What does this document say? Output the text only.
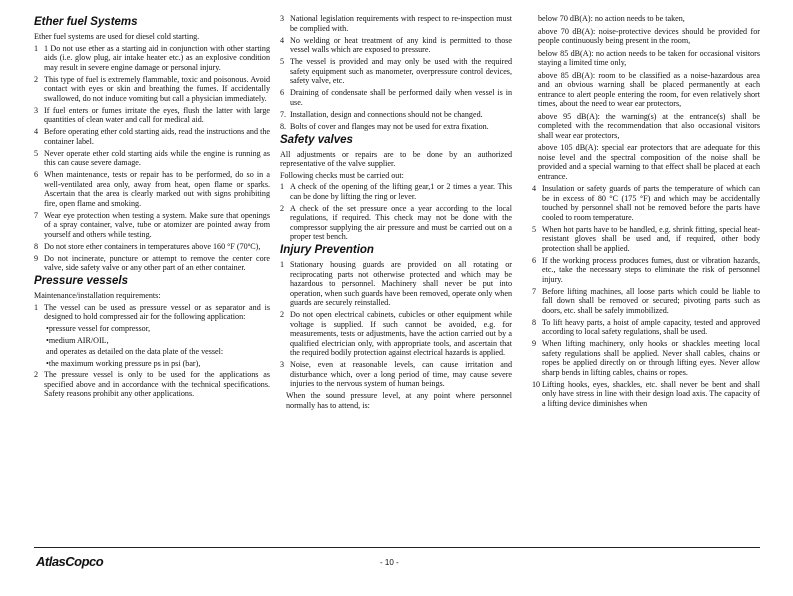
Ether fuel Systems

Ether fuel systems are used for diesel cold starting.

1 1 Do not use ether as a starting aid in conjunction with other starting aids (i.e. glow plug, air intake heater etc.) as an explosive condition may result in severe engine damage or personal injury.
2 This type of fuel is extremely flammable, toxic and poisonous. Avoid contact with eyes or skin and breathing the fumes. If accidentally swallowed, do not induce vomiting but call a physician immediately.
3 If fuel enters or fumes irritate the eyes, flush the latter with large quantities of clean water and call for medical aid.
4 Before operating ether cold starting aids, read the instructions and the container label.
5 Never operate ether cold starting aids while the engine is running as this can cause severe damage.
6 When maintenance, tests or repair has to be performed, do so in a well-ventilated area only, away from heat, open flame or sparks. Ascertain that the area is clearly marked out with signs prohibiting fire, open flame and smoking.
7 Wear eye protection when testing a system. Make sure that openings of a spray container, valve, tube or atomizer are pointed away from yourself and others while testing.
8 Do not store ether containers in temperatures above 160 °F (70ºC),
9 Do not incinerate, puncture or attempt to remove the center core valve, side safety valve or any other part of an ether container.
Pressure vessels

Maintenance/installation requirements:

1 The vessel can be used as pressure vessel or as separator and is designed to hold compressed air for the following application:
• pressure vessel for compressor,
• medium AIR/OIL,
and operates as detailed on the data plate of the vessel:
• the maximum working pressure ps in psi (bar),
2 The pressure vessel is only to be used for the applications as specified above and in accordance with the technical specifications. Safety reasons prohibit any other applications.
3 National legislation requirements with respect to re-inspection must be complied with.
4 No welding or heat treatment of any kind is permitted to those vessel walls which are exposed to pressure.
5 The vessel is provided and may only be used with the required safety equipment such as manometer, overpressure control devices, safety valve, etc.
6 Draining of condensate shall be performed daily when vessel is in use.
7. Installation, design and connections should not be changed.
8. Bolts of cover and flanges may not be used for extra fixation.
Safety valves

All adjustments or repairs are to be done by an authorized representative of the valve supplier.

Following checks must be carried out:

1 A check of the opening of the lifting gear,1 or 2 times a year. This can be done by lifting the ring or lever.
2 A check of the set pressure once a year according to the local regulations, if required. This check may not be done with the compressor supplying the air pressure and must be carried out on a proper test bench.
Injury Prevention
1 Stationary housing guards are provided on all rotating or reciprocating parts not otherwise protected and which may be hazardous to personnel. Machinery shall never be put into operation, when such guards have been removed, operate only when guards are securely reinstalled.
2 Do not open electrical cabinets, cubicles or other equipment while voltage is supplied. If such cannot be avoided, e.g. for measurements, tests or adjustments, have the action carried out by a qualified electrician only, with appropriate tools, and ascertain that the required bodily protection against electrical hazards is applied.
3 Noise, even at reasonable levels, can cause irritation and disturbance which, over a long period of time, may cause severe injuries to the nervous system of human beings.

When the sound pressure level, at any point where personnel normally has to attend, is:

below 70 dB(A): no action needs to be taken,

above 70 dB(A): noise-protective devices should be provided for people continuously being present in the room,

below 85 dB(A): no action needs to be taken for occasional visitors staying a limited time only,

above 85 dB(A): room to be classified as a noise-hazardous area and an obvious warning shall be placed permanently at each entrance to alert people entering the room, for even relatively short times, about the need to wear ear protectors,

above 95 dB(A): the warning(s) at the entrance(s) shall be completed with the recommendation that also occasional visitors shall wear ear protectors,

above 105 dB(A): special ear protectors that are adequate for this noise level and the spectral composition of the noise shall be provided and a special warning to that effect shall be placed at each entrance.

4 Insulation or safety guards of parts the temperature of which can be in excess of 80 °C (175 °F) and which may be accidentally touched by personnel shall not be removed before the parts have cooled to room temperature.
5 When hot parts have to be handled, e.g. shrink fitting, special heat-resistant gloves shall be used and, if required, other body protection shall be applied.
6 If the working process produces fumes, dust or vibration hazards, etc., take the necessary steps to eliminate the risk of personnel injury.
7 Before lifting machines, all loose parts which could be liable to fall down shall be removed or secured; pivoting parts such as doors, etc. shall be safely immobilized.
8 To lift heavy parts, a hoist of ample capacity, tested and approved according to local safety regulations, shall be used.
9 When lifting machinery, only hooks or shackles meeting local safety regulations shall be applied. Never shall cables, chains or ropes be applied directly on or through lifting eyes. Never allow sharp bends in lifting cables, chains or ropes.
10 Lifting hooks, eyes, shackles, etc. shall never be bent and shall only have stress in line with their design load axis. The capacity of a lifting device diminishes when
AtlasCopco	- 10 -
